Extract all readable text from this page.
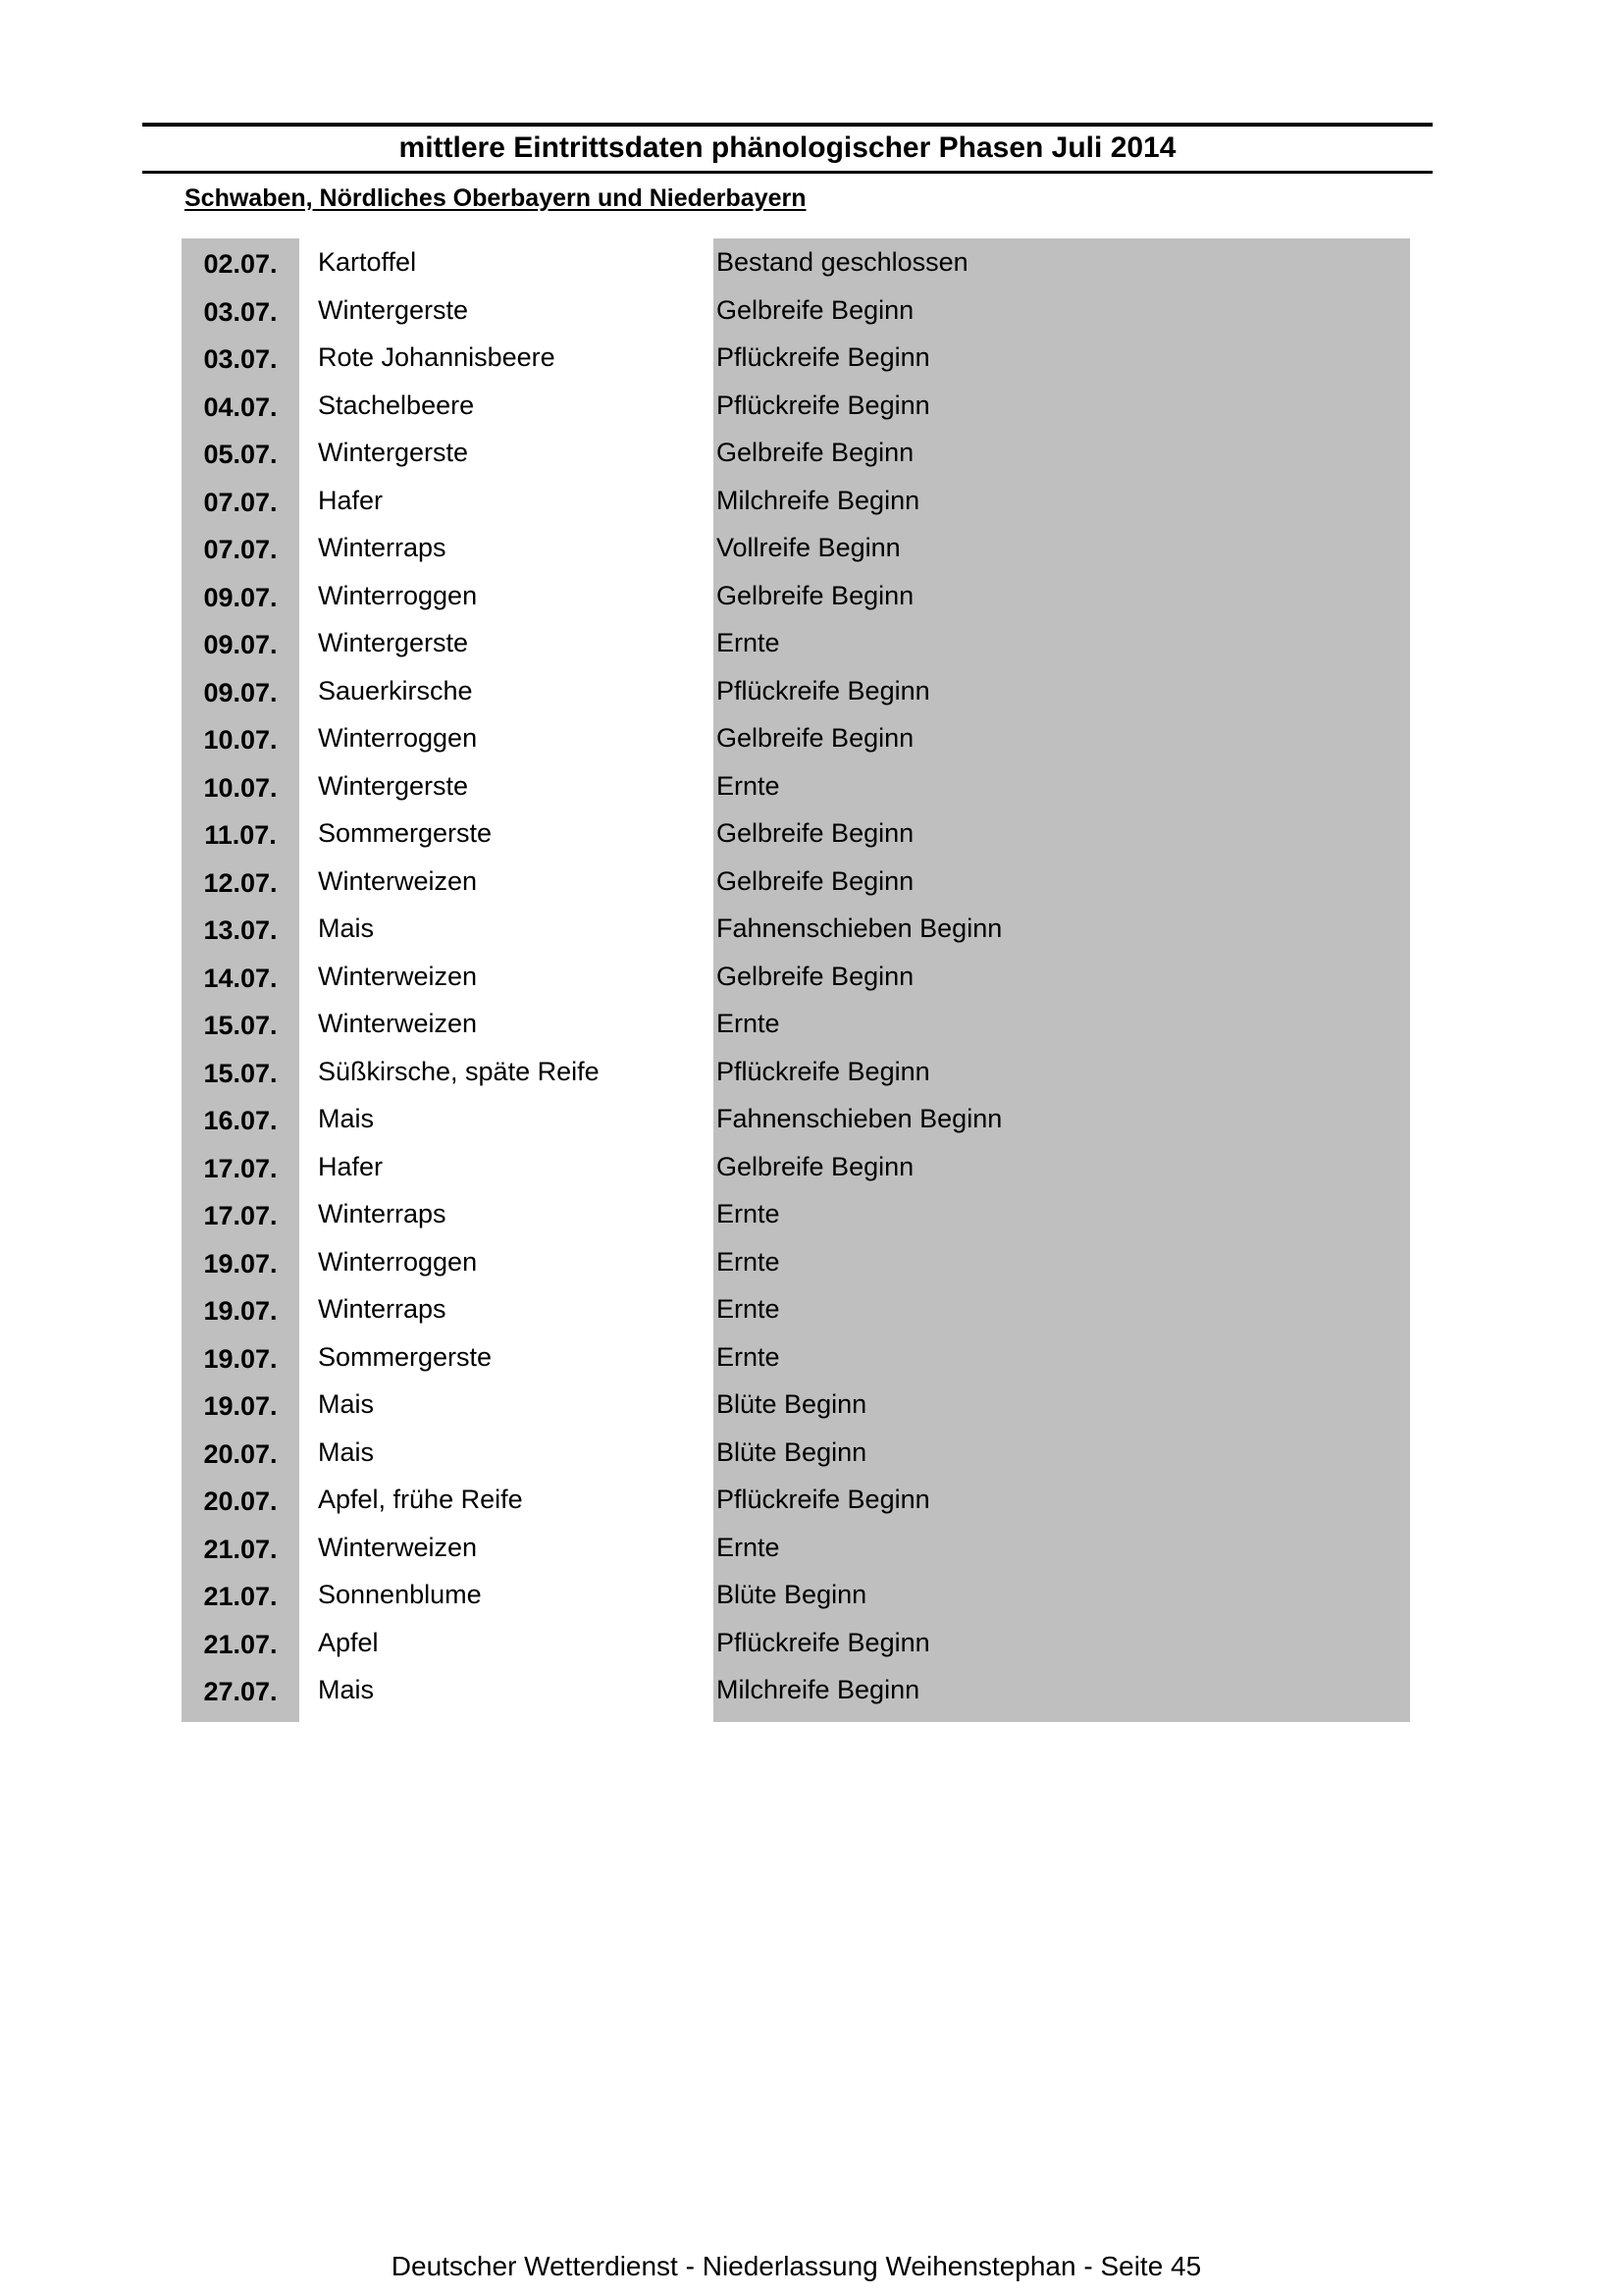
mittlere Eintrittsdaten phänologischer Phasen Juli 2014
Schwaben, Nördliches Oberbayern und Niederbayern
02.07.	Kartoffel	Bestand geschlossen
03.07.	Wintergerste	Gelbreife Beginn
03.07.	Rote Johannisbeere	Pflückreife Beginn
04.07.	Stachelbeere	Pflückreife Beginn
05.07.	Wintergerste	Gelbreife Beginn
07.07.	Hafer	Milchreife Beginn
07.07.	Winterraps	Vollreife Beginn
09.07.	Winterroggen	Gelbreife Beginn
09.07.	Wintergerste	Ernte
09.07.	Sauerkirsche	Pflückreife Beginn
10.07.	Winterroggen	Gelbreife Beginn
10.07.	Wintergerste	Ernte
11.07.	Sommergerste	Gelbreife Beginn
12.07.	Winterweizen	Gelbreife Beginn
13.07.	Mais	Fahnenschieben Beginn
14.07.	Winterweizen	Gelbreife Beginn
15.07.	Winterweizen	Ernte
15.07.	Süßkirsche, späte Reife	Pflückreife Beginn
16.07.	Mais	Fahnenschieben Beginn
17.07.	Hafer	Gelbreife Beginn
17.07.	Winterraps	Ernte
19.07.	Winterroggen	Ernte
19.07.	Winterraps	Ernte
19.07.	Sommergerste	Ernte
19.07.	Mais	Blüte Beginn
20.07.	Mais	Blüte Beginn
20.07.	Apfel, frühe Reife	Pflückreife Beginn
21.07.	Winterweizen	Ernte
21.07.	Sonnenblume	Blüte Beginn
21.07.	Apfel	Pflückreife Beginn
27.07.	Mais	Milchreife Beginn
Deutscher Wetterdienst - Niederlassung Weihenstephan - Seite 45
